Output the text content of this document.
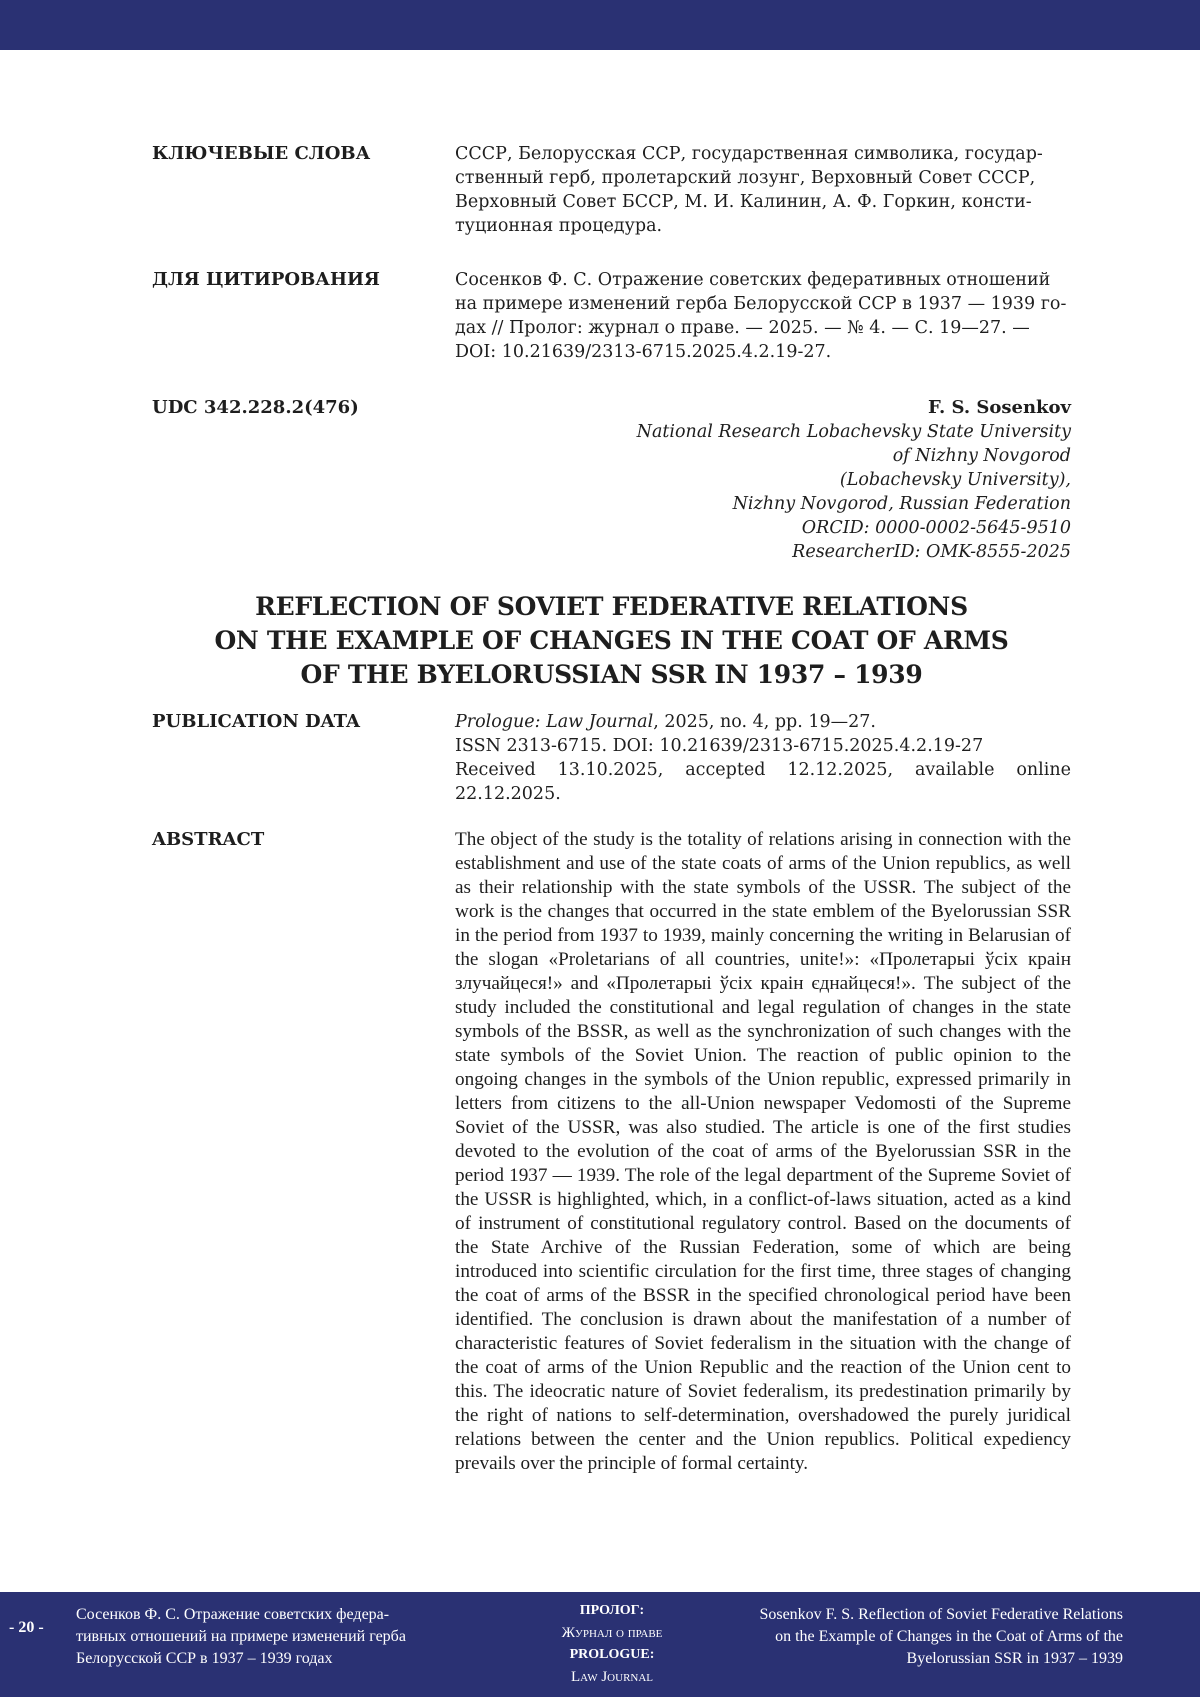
КЛЮЧЕВЫЕ СЛОВА	СССР, Белорусская ССР, государственная символика, государ-
ственный герб, пролетарский лозунг, Верховный Совет СССР,
Верховный Совет БССР, М. И. Калинин, А. Ф. Горкин, консти-
туционная процедура.
ДЛЯ ЦИТИРОВАНИЯ	Сосенков Ф. С. Отражение советских федеративных отношений
на примере изменений герба Белорусской ССР в 1937 — 1939 го-
дах // Пролог: журнал о праве. — 2025. — № 4. — С. 19—27. —
DOI: 10.21639/2313-6715.2025.4.2.19-27.
UDC 342.228.2(476)	F. S. Sosenkov
National Research Lobachevsky State University
of Nizhny Novgorod
(Lobachevsky University),
Nizhny Novgorod, Russian Federation
ORCID: 0000-0002-5645-9510
ResearcherID: OMK-8555-2025
REFLECTION OF SOVIET FEDERATIVE RELATIONS
ON THE EXAMPLE OF CHANGES IN THE COAT OF ARMS
OF THE BYELORUSSIAN SSR IN 1937 – 1939
PUBLICATION DATA	Prologue: Law Journal, 2025, no. 4, pp. 19—27.
ISSN 2313-6715. DOI: 10.21639/2313-6715.2025.4.2.19-27
Received 13.10.2025, accepted 12.12.2025, available online 22.12.2025.
ABSTRACT	The object of the study is the totality of relations arising in connection with the establishment and use of the state coats of arms of the Union republics, as well as their relationship with the state symbols of the USSR. The subject of the work is the changes that occurred in the state emblem of the Byelorussian SSR in the period from 1937 to 1939, mainly concerning the writing in Belarusian of the slogan «Proletarians of all countries, unite!»: «Пролетарыі ўсіх краін злучайцеся!» and «Пролетарыі ўсіх краін єднайцеся!». The subject of the study included the constitutional and legal regulation of changes in the state symbols of the BSSR, as well as the synchronization of such changes with the state symbols of the Soviet Union. The reaction of public opinion to the ongoing changes in the symbols of the Union republic, expressed primarily in letters from citizens to the all-Union newspaper Vedomosti of the Supreme Soviet of the USSR, was also studied. The article is one of the first studies devoted to the evolution of the coat of arms of the Byelorussian SSR in the period 1937 — 1939. The role of the legal department of the Supreme Soviet of the USSR is highlighted, which, in a conflict-of-laws situation, acted as a kind of instrument of constitutional regulatory control. Based on the documents of the State Archive of the Russian Federation, some of which are being introduced into scientific circulation for the first time, three stages of changing the coat of arms of the BSSR in the specified chronological period have been identified. The conclusion is drawn about the manifestation of a number of characteristic features of Soviet federalism in the situation with the change of the coat of arms of the Union Republic and the reaction of the Union cent to this. The ideocratic nature of Soviet federalism, its predestination primarily by the right of nations to self-determination, overshadowed the purely juridical relations between the center and the Union republics. Political expediency prevails over the principle of formal certainty.
- 20 -
Сосенков Ф. С. Отражение советских федера-
тивных отношений на примере изменений герба
Белорусской ССР в 1937 – 1939 годах
ПРОЛОГ:
Журнал о праве
PROLOGUE:
Law Journal
Sosenkov F. S. Reflection of Soviet Federative Relations
on the Example of Changes in the Coat of Arms of the
Byelorussian SSR in 1937 – 1939
